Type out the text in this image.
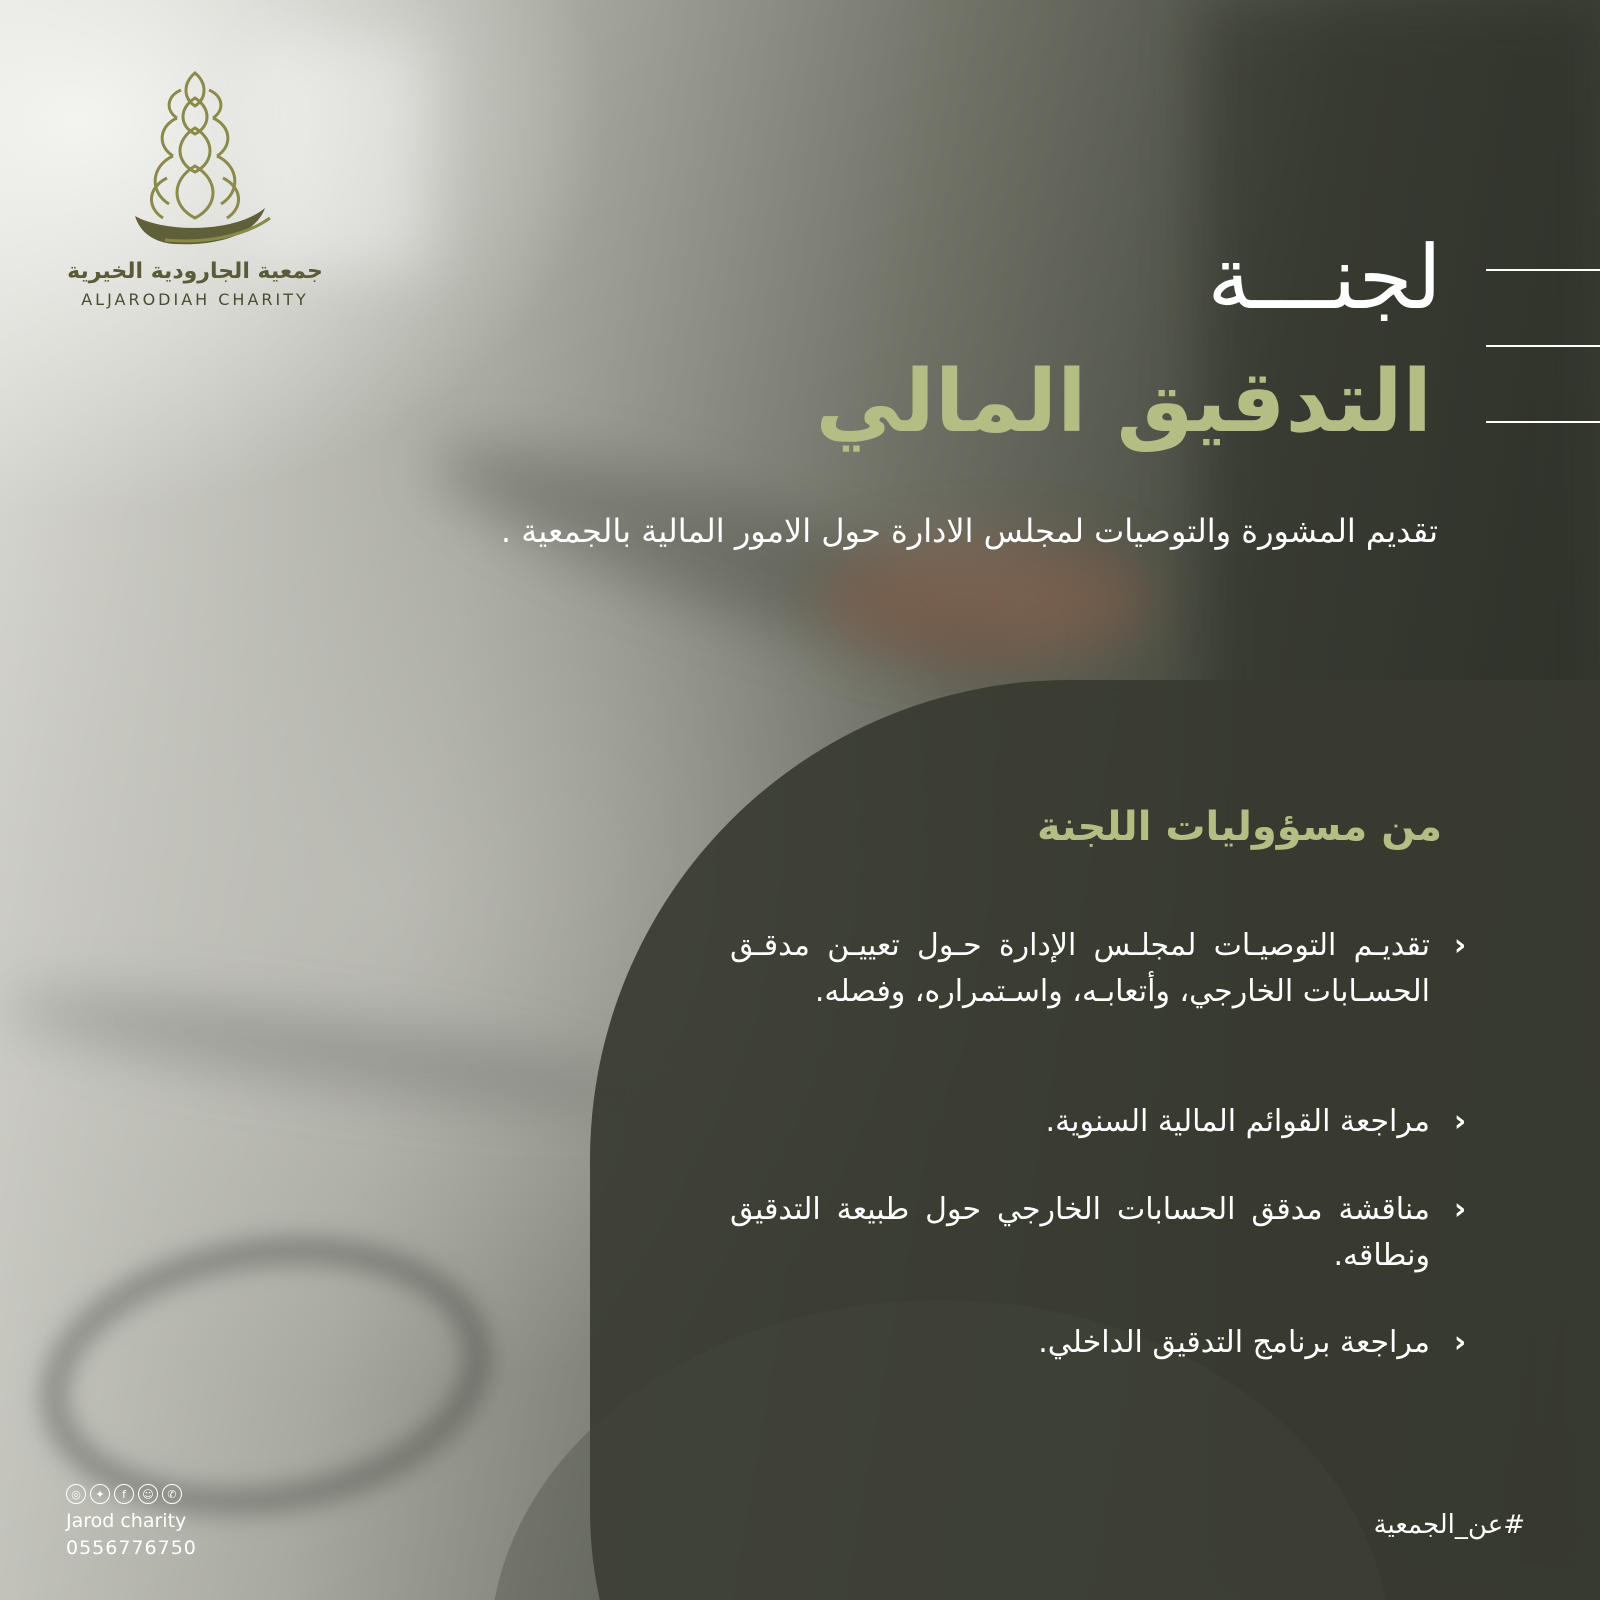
جمعية الجارودية الخيرية
ALJARODIAH CHARITY	لجنـــة
التدقيق المالي
تقديم المشورة والتوصيات لمجلس الادارة حول الامور المالية بالجمعية .
من مسؤوليات اللجنة
‹
تقديـم التوصيـات لمجلـس الإدارة حـول تعييـن مدقـق الحسـابات الخارجي، وأتعابـه، واسـتمراره، وفصله.
‹
مراجعة القوائم المالية السنوية.
‹
مناقشة مدقق الحسابات الخارجي حول طبيعة التدقيق ونطاقه.
‹
مراجعة برنامج التدقيق الداخلي.
◎	✦	f	☺	✆
Jarod charity
0556776750
#عن_الجمعية
